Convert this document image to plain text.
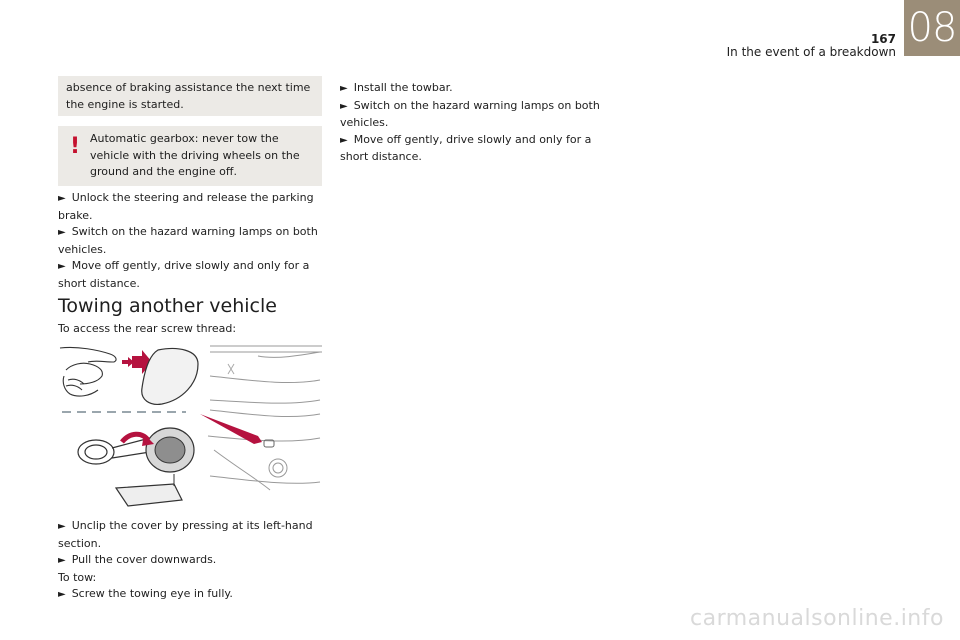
167
In the event of a breakdown
08
absence of braking assistance the next time the engine is started.
! Automatic gearbox: never tow the vehicle with the driving wheels on the ground and the engine off.

► Unlock the steering and release the parking brake.

► Switch on the hazard warning lamps on both vehicles.

► Move off gently, drive slowly and only for a short distance.

Towing another vehicle
To access the rear screw thread:

► Unclip the cover by pressing at its left-hand section.

► Pull the cover downwards.

To tow:

► Screw the towing eye in fully.

► Install the towbar.

► Switch on the hazard warning lamps on both vehicles.

► Move off gently, drive slowly and only for a short distance.

carmanualsonline.info
